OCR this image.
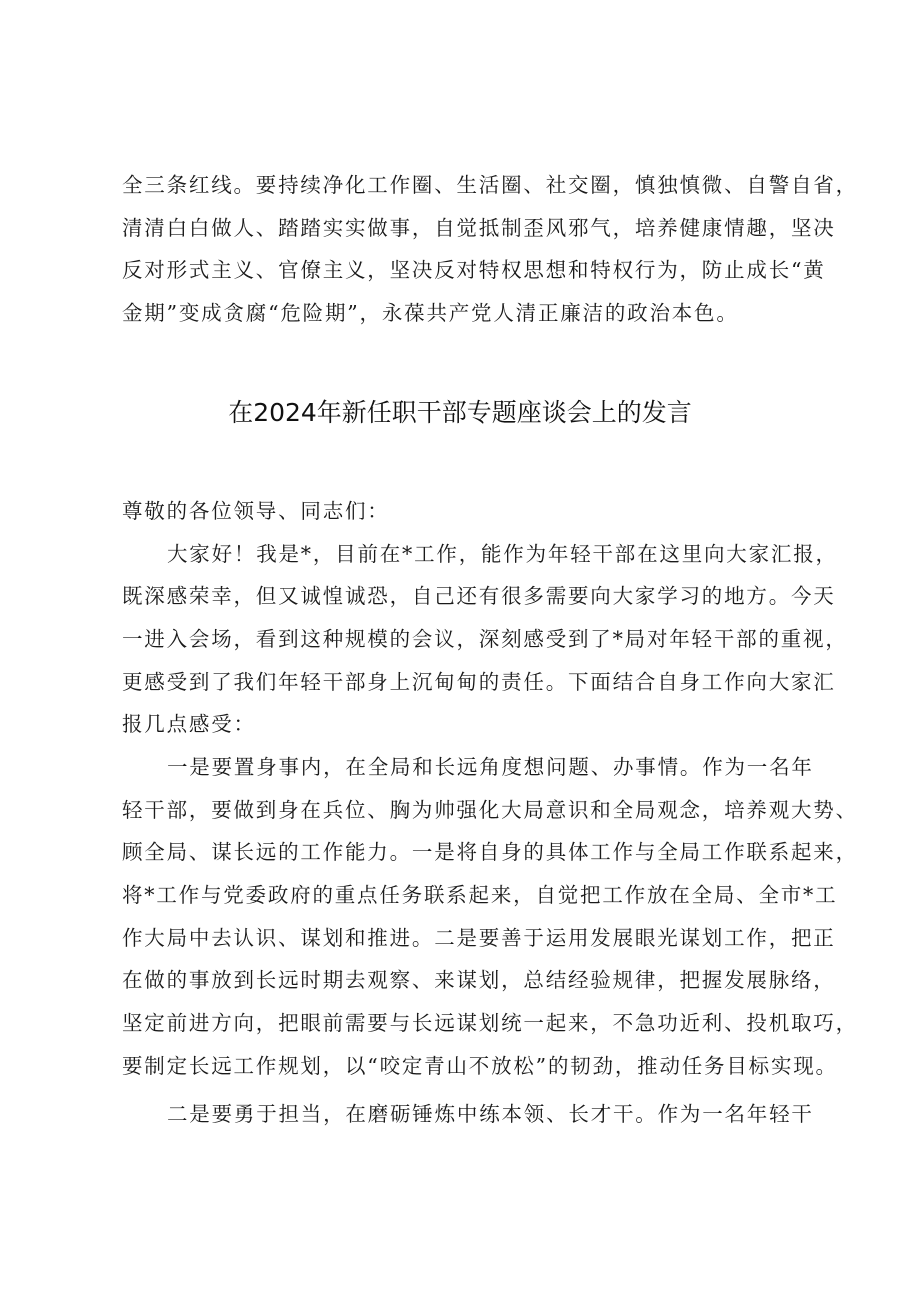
全三条红线。要持续净化工作圈、生活圈、社交圈，慎独慎微、自警自省，
清清白白做人、踏踏实实做事，自觉抵制歪风邪气，培养健康情趣，坚决
反对形式主义、官僚主义，坚决反对特权思想和特权行为，防止成长“黄
金期”变成贪腐“危险期”，永葆共产党人清正廉洁的政治本色。
在2024年新任职干部专题座谈会上的发言
尊敬的各位领导、同志们：
大家好！我是*，目前在*工作，能作为年轻干部在这里向大家汇报，
既深感荣幸，但又诚惶诚恐，自己还有很多需要向大家学习的地方。今天
一进入会场，看到这种规模的会议，深刻感受到了*局对年轻干部的重视，
更感受到了我们年轻干部身上沉甸甸的责任。下面结合自身工作向大家汇
报几点感受：
一是要置身事内，在全局和长远角度想问题、办事情。作为一名年
轻干部，要做到身在兵位、胸为帅强化大局意识和全局观念，培养观大势、
顾全局、谋长远的工作能力。一是将自身的具体工作与全局工作联系起来，
将*工作与党委政府的重点任务联系起来，自觉把工作放在全局、全市*工
作大局中去认识、谋划和推进。二是要善于运用发展眼光谋划工作，把正
在做的事放到长远时期去观察、来谋划，总结经验规律，把握发展脉络，
坚定前进方向，把眼前需要与长远谋划统一起来，不急功近利、投机取巧，
要制定长远工作规划，以“咬定青山不放松”的韧劲，推动任务目标实现。
二是要勇于担当，在磨砺锤炼中练本领、长才干。作为一名年轻干
